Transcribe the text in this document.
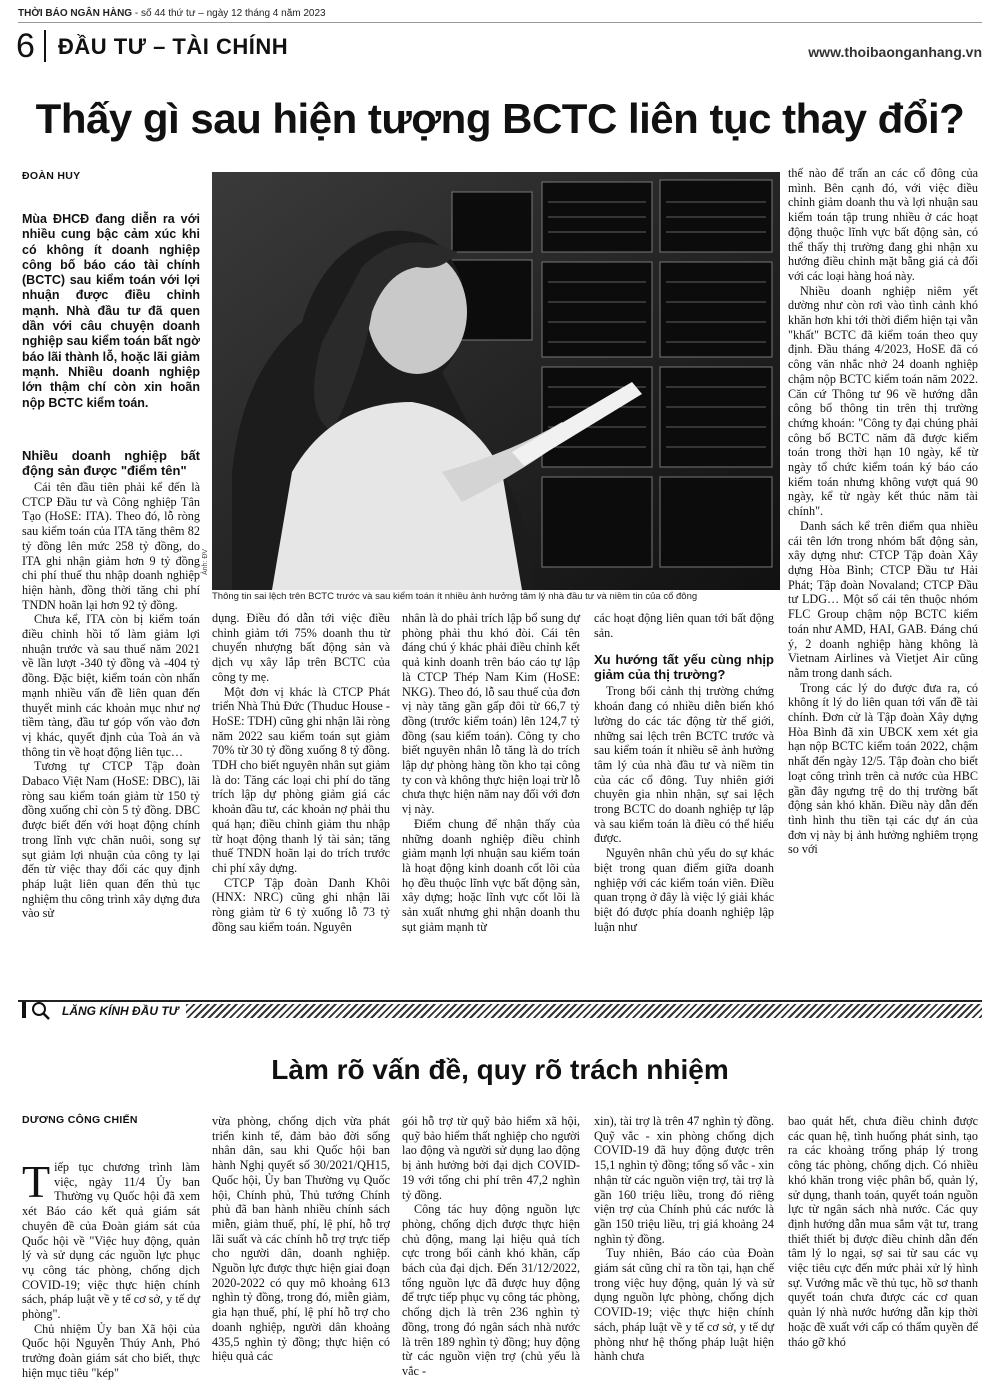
THỜI BÁO NGÂN HÀNG - số 44 thứ tư – ngày 12 tháng 4 năm 2023
6 ĐẦU TƯ – TÀI CHÍNH	www.thoibaonganhang.vn
Thấy gì sau hiện tượng BCTC liên tục thay đổi?
ĐOÀN HUY
Mùa ĐHCĐ đang diễn ra với nhiều cung bậc cảm xúc khi có không ít doanh nghiệp công bố báo cáo tài chính (BCTC) sau kiểm toán với lợi nhuận được điều chỉnh mạnh. Nhà đầu tư đã quen dần với câu chuyện doanh nghiệp sau kiểm toán bất ngờ báo lãi thành lỗ, hoặc lãi giảm mạnh. Nhiều doanh nghiệp lớn thậm chí còn xin hoãn nộp BCTC kiểm toán.
Nhiều doanh nghiệp bất động sản được "điểm tên"

Cái tên đầu tiên phải kể đến là CTCP Đầu tư và Công nghiệp Tân Tạo (HoSE: ITA). Theo đó, lỗ ròng sau kiểm toán của ITA tăng thêm 82 tỷ đồng lên mức 258 tỷ đồng, do ITA ghi nhận giảm hơn 9 tỷ đồng chi phí thuế thu nhập doanh nghiệp hiện hành, đồng thời tăng chi phí TNDN hoãn lại hơn 92 tỷ đồng.

Chưa kể, ITA còn bị kiểm toán điều chỉnh hồi tố làm giảm lợi nhuận trước và sau thuế năm 2021 về lần lượt -340 tỷ đồng và -404 tỷ đồng. Đặc biệt, kiểm toán còn nhấn mạnh nhiều vấn đề liên quan đến thuyết minh các khoản mục như nợ tiềm tàng, đầu tư góp vốn vào đơn vị khác, quyết định của Toà án và thông tin về hoạt động liên tục…

Tương tự CTCP Tập đoàn Dabaco Việt Nam (HoSE: DBC), lãi ròng sau kiểm toán giảm từ 150 tỷ đồng xuống chỉ còn 5 tỷ đồng. DBC được biết đến với hoạt động chính trong lĩnh vực chăn nuôi, song sự sụt giảm lợi nhuận của công ty lại đến từ việc thay đổi các quy định pháp luật liên quan đến thủ tục nghiệm thu công trình xây dựng đưa vào sử

Thông tin sai lệch trên BCTC trước và sau kiểm toán ít nhiều ảnh hưởng tâm lý nhà đầu tư và niềm tin của cổ đông
Ảnh: ĐV

dụng. Điều đó dẫn tới việc điều chỉnh giảm tới 75% doanh thu từ chuyển nhượng bất động sản và dịch vụ xây lắp trên BCTC của công ty mẹ.

Một đơn vị khác là CTCP Phát triển Nhà Thủ Đức (Thuduc House - HoSE: TDH) cũng ghi nhận lãi ròng năm 2022 sau kiểm toán sụt giảm 70% từ 30 tỷ đồng xuống 8 tỷ đồng. TDH cho biết nguyên nhân sụt giảm là do: Tăng các loại chi phí do tăng trích lập dự phòng giảm giá các khoản đầu tư, các khoản nợ phải thu quá hạn; điều chỉnh giảm thu nhập từ hoạt động thanh lý tài sản; tăng thuế TNDN hoãn lại do trích trước chi phí xây dựng.

CTCP Tập đoàn Danh Khôi (HNX: NRC) cũng ghi nhận lãi ròng giảm từ 6 tỷ xuống lỗ 73 tỷ đồng sau kiểm toán. Nguyên

nhân là do phải trích lập bổ sung dự phòng phải thu khó đòi. Cái tên đáng chú ý khác phải điều chỉnh kết quả kinh doanh trên báo cáo tự lập là CTCP Thép Nam Kim (HoSE: NKG). Theo đó, lỗ sau thuế của đơn vị này tăng gần gấp đôi từ 66,7 tỷ đồng (trước kiểm toán) lên 124,7 tỷ đồng (sau kiểm toán). Công ty cho biết nguyên nhân lỗ tăng là do trích lập dự phòng hàng tồn kho tại công ty con và không thực hiện loại trừ lỗ chưa thực hiện năm nay đối với đơn vị này.

Điểm chung để nhận thấy của những doanh nghiệp điều chỉnh giảm mạnh lợi nhuận sau kiểm toán là hoạt động kinh doanh cốt lõi của họ đều thuộc lĩnh vực bất động sản, xây dựng; hoặc lĩnh vực cốt lõi là sản xuất nhưng ghi nhận doanh thu sụt giảm mạnh từ

các hoạt động liên quan tới bất động sản.

Xu hướng tất yếu cùng nhịp giảm của thị trường?

Trong bối cảnh thị trường chứng khoán đang có nhiều diễn biến khó lường do các tác động từ thế giới, những sai lệch trên BCTC trước và sau kiểm toán ít nhiều sẽ ảnh hưởng tâm lý của nhà đầu tư và niềm tin của các cổ đông. Tuy nhiên giới chuyên gia nhìn nhận, sự sai lệch trong BCTC do doanh nghiệp tự lập và sau kiểm toán là điều có thể hiểu được.

Nguyên nhân chủ yếu do sự khác biệt trong quan điểm giữa doanh nghiệp với các kiểm toán viên. Điều quan trọng ở đây là việc lý giải khác biệt đó được phía doanh nghiệp lập luận như

thế nào để trấn an các cổ đông của mình. Bên cạnh đó, với việc điều chỉnh giảm doanh thu và lợi nhuận sau kiểm toán tập trung nhiều ở các hoạt động thuộc lĩnh vực bất động sản, có thể thấy thị trường đang ghi nhận xu hướng điều chỉnh mặt bằng giá cả đối với các loại hàng hoá này.

Nhiều doanh nghiệp niêm yết dường như còn rơi vào tình cảnh khó khăn hơn khi tới thời điểm hiện tại vẫn "khất" BCTC đã kiểm toán theo quy định. Đầu tháng 4/2023, HoSE đã có công văn nhắc nhở 24 doanh nghiệp chậm nộp BCTC kiểm toán năm 2022. Căn cứ Thông tư 96 về hướng dẫn công bố thông tin trên thị trường chứng khoán: "Công ty đại chúng phải công bố BCTC năm đã được kiểm toán trong thời hạn 10 ngày, kể từ ngày tổ chức kiểm toán ký báo cáo kiểm toán nhưng không vượt quá 90 ngày, kể từ ngày kết thúc năm tài chính".

Danh sách kể trên điểm qua nhiều cái tên lớn trong nhóm bất động sản, xây dựng như: CTCP Tập đoàn Xây dựng Hòa Bình; CTCP Đầu tư Hải Phát; Tập đoàn Novaland; CTCP Đầu tư LDG… Một số cái tên thuộc nhóm FLC Group chậm nộp BCTC kiểm toán như AMD, HAI, GAB. Đáng chú ý, 2 doanh nghiệp hàng không là Vietnam Airlines và Vietjet Air cũng nằm trong danh sách.

Trong các lý do được đưa ra, có không ít lý do liên quan tới vấn đề tài chính. Đơn cử là Tập đoàn Xây dựng Hòa Bình đã xin UBCK xem xét gia hạn nộp BCTC kiểm toán 2022, chậm nhất đến ngày 12/5. Tập đoàn cho biết loạt công trình trên cả nước của HBC gần đây ngưng trệ do thị trường bất động sản khó khăn. Điều này dẫn đến tình hình thu tiền tại các dự án của đơn vị này bị ảnh hưởng nghiêm trọng so với

LĂNG KÍNH ĐẦU TƯ
Làm rõ vấn đề, quy rõ trách nhiệm
DƯƠNG CÔNG CHIẾN

Tiếp tục chương trình làm việc, ngày 11/4 Ủy ban Thường vụ Quốc hội đã xem xét Báo cáo kết quả giám sát chuyên đề của Đoàn giám sát của Quốc hội về "Việc huy động, quản lý và sử dụng các nguồn lực phục vụ công tác phòng, chống dịch COVID-19; việc thực hiện chính sách, pháp luật về y tế cơ sở, y tế dự phòng".

Chủ nhiệm Ủy ban Xã hội của Quốc hội Nguyễn Thúy Anh, Phó trưởng đoàn giám sát cho biết, thực hiện mục tiêu "kép"

vừa phòng, chống dịch vừa phát triển kinh tế, đảm bảo đời sống nhân dân, sau khi Quốc hội ban hành Nghị quyết số 30/2021/QH15, Quốc hội, Ủy ban Thường vụ Quốc hội, Chính phủ, Thủ tướng Chính phủ đã ban hành nhiều chính sách miễn, giảm thuế, phí, lệ phí, hỗ trợ lãi suất và các chính hỗ trợ trực tiếp cho người dân, doanh nghiệp. Nguồn lực được thực hiện giai đoạn 2020-2022 có quy mô khoảng 613 nghìn tỷ đồng, trong đó, miễn giảm, gia hạn thuế, phí, lệ phí hỗ trợ cho doanh nghiệp, người dân khoảng 435,5 nghìn tỷ đồng; thực hiện có hiệu quả các

gói hỗ trợ từ quỹ bảo hiểm xã hội, quỹ bảo hiểm thất nghiệp cho người lao động và người sử dụng lao động bị ảnh hưởng bởi đại dịch COVID-19 với tổng chi phí trên 47,2 nghìn tỷ đồng.

Công tác huy động nguồn lực phòng, chống dịch được thực hiện chủ động, mang lại hiệu quả tích cực trong bối cảnh khó khăn, cấp bách của đại dịch. Đến 31/12/2022, tổng nguồn lực đã được huy động để trực tiếp phục vụ công tác phòng, chống dịch là trên 236 nghìn tỷ đồng, trong đó ngân sách nhà nước là trên 189 nghìn tỷ đồng; huy động từ các nguồn viện trợ (chủ yếu là vắc -

xin), tài trợ là trên 47 nghìn tỷ đồng. Quỹ vắc - xin phòng chống dịch COVID-19 đã huy động được trên 15,1 nghìn tỷ đồng; tổng số vắc - xin nhận từ các nguồn viện trợ, tài trợ là gần 160 triệu liều, trong đó riêng viện trợ của Chính phủ các nước là gần 150 triệu liều, trị giá khoảng 24 nghìn tỷ đồng.

Tuy nhiên, Báo cáo của Đoàn giám sát cũng chỉ ra tồn tại, hạn chế trong việc huy động, quản lý và sử dụng nguồn lực phòng, chống dịch COVID-19; việc thực hiện chính sách, pháp luật về y tế cơ sở, y tế dự phòng như hệ thống pháp luật hiện hành chưa

bao quát hết, chưa điều chỉnh được các quan hệ, tình huống phát sinh, tạo ra các khoảng trống pháp lý trong công tác phòng, chống dịch. Có nhiều khó khăn trong việc phân bổ, quản lý, sử dụng, thanh toán, quyết toán nguồn lực từ ngân sách nhà nước. Các quy định hướng dẫn mua sắm vật tư, trang thiết thiết bị được điều chỉnh dẫn đến tâm lý lo ngại, sợ sai từ sau các vụ việc tiêu cực đến mức phải xử lý hình sự. Vướng mắc về thủ tục, hồ sơ thanh quyết toán chưa được các cơ quan quản lý nhà nước hướng dẫn kịp thời hoặc đề xuất với cấp có thẩm quyền để tháo gỡ khó
